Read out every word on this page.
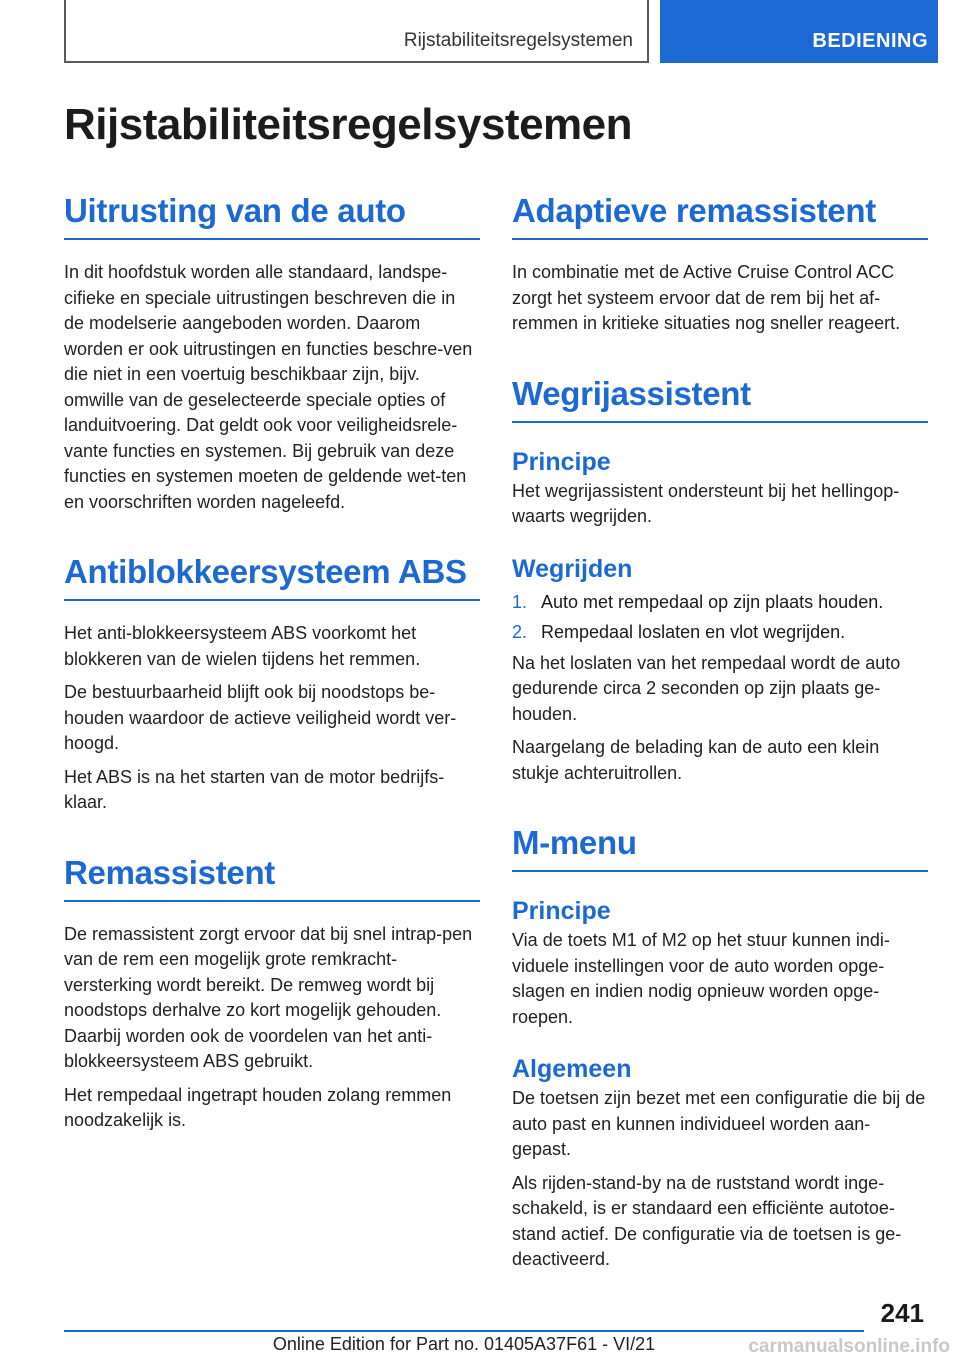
Rijstabiliteitsregelsystemen	BEDIENING
Rijstabiliteitsregelsystemen
Uitrusting van de auto

In dit hoofdstuk worden alle standaard, landspe-cifieke en speciale uitrustingen beschreven die in de modelserie aangeboden worden. Daarom worden er ook uitrustingen en functies beschre-ven die niet in een voertuig beschikbaar zijn, bijv. omwille van de geselecteerde speciale opties of landuitvoering. Dat geldt ook voor veiligheidsrele-vante functies en systemen. Bij gebruik van deze functies en systemen moeten de geldende wet-ten en voorschriften worden nageleefd.

Antiblokkeersysteem ABS

Het anti-blokkeersysteem ABS voorkomt het blokkeren van de wielen tijdens het remmen.

De bestuurbaarheid blijft ook bij noodstops be-houden waardoor de actieve veiligheid wordt ver-hoogd.

Het ABS is na het starten van de motor bedrijfs-klaar.

Remassistent

De remassistent zorgt ervoor dat bij snel intrap-pen van de rem een mogelijk grote remkracht-versterking wordt bereikt. De remweg wordt bij noodstops derhalve zo kort mogelijk gehouden. Daarbij worden ook de voordelen van het anti-blokkeersysteem ABS gebruikt.

Het rempedaal ingetrapt houden zolang remmen noodzakelijk is.

Adaptieve remassistent

In combinatie met de Active Cruise Control ACC zorgt het systeem ervoor dat de rem bij het af-remmen in kritieke situaties nog sneller reageert.

Wegrijassistent
Principe

Het wegrijassistent ondersteunt bij het hellingop-waarts wegrijden.

Wegrijden
1. Auto met rempedaal op zijn plaats houden.
2. Rempedaal loslaten en vlot wegrijden.

Na het loslaten van het rempedaal wordt de auto gedurende circa 2 seconden op zijn plaats ge-houden.

Naargelang de belading kan de auto een klein stukje achteruitrollen.

M-menu
Principe

Via de toets M1 of M2 op het stuur kunnen indi-viduele instellingen voor de auto worden opge-slagen en indien nodig opnieuw worden opge-roepen.

Algemeen

De toetsen zijn bezet met een configuratie die bij de auto past en kunnen individueel worden aan-gepast.

Als rijden-stand-by na de ruststand wordt inge-schakeld, is er standaard een efficiënte autotoe-stand actief. De configuratie via de toetsen is ge-deactiveerd.

241
Online Edition for Part no. 01405A37F61 - VI/21	carmanualsonline.info
